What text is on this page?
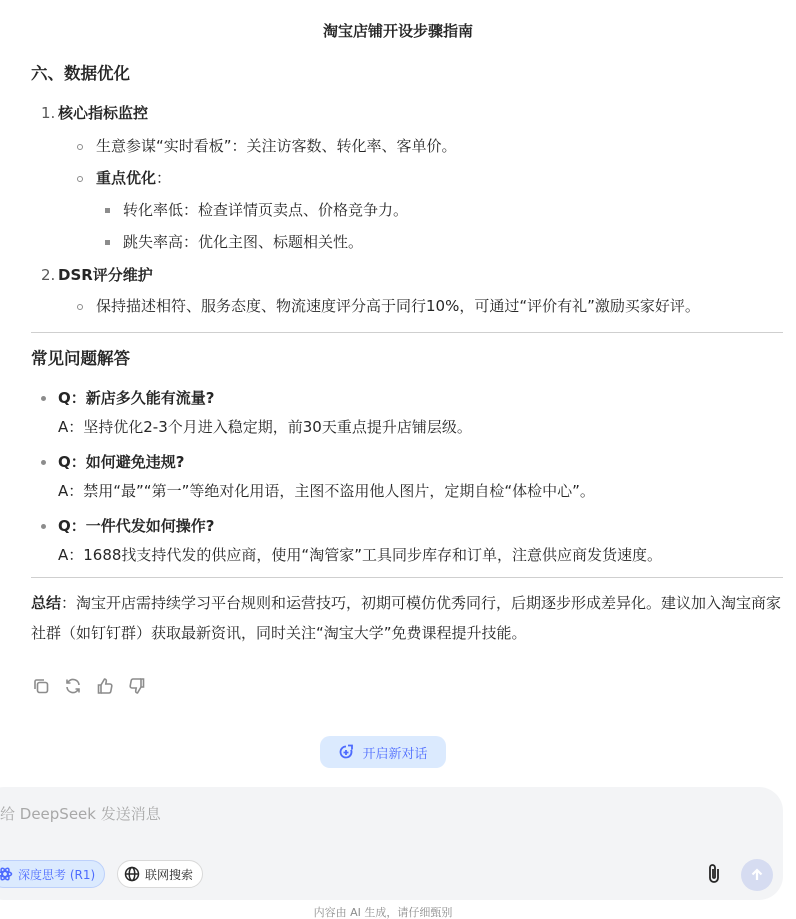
淘宝店铺开设步骤指南
六、数据优化
1. 核心指标监控
生意参谋“实时看板”：关注访客数、转化率、客单价。
重点优化：
转化率低：检查详情页卖点、价格竞争力。
跳失率高：优化主图、标题相关性。
2. DSR评分维护
保持描述相符、服务态度、物流速度评分高于同行10%，可通过“评价有礼”激励买家好评。
常见问题解答
Q：新店多久能有流量?
A：坚持优化2-3个月进入稳定期，前30天重点提升店铺层级。
Q：如何避免违规?
A：禁用“最”“第一”等绝对化用语，主图不盗用他人图片，定期自检“体检中心”。
Q：一件代发如何操作?
A：1688找支持代发的供应商，使用“淘管家”工具同步库存和订单，注意供应商发货速度。

总结：淘宝开店需持续学习平台规则和运营技巧，初期可模仿优秀同行，后期逐步形成差异化。建议加入淘宝商家社群（如钉钉群）获取最新资讯，同时关注“淘宝大学”免费课程提升技能。

开启新对话
给 DeepSeek 发送消息
深度思考 (R1)	联网搜索
内容由 AI 生成，请仔细甄别
